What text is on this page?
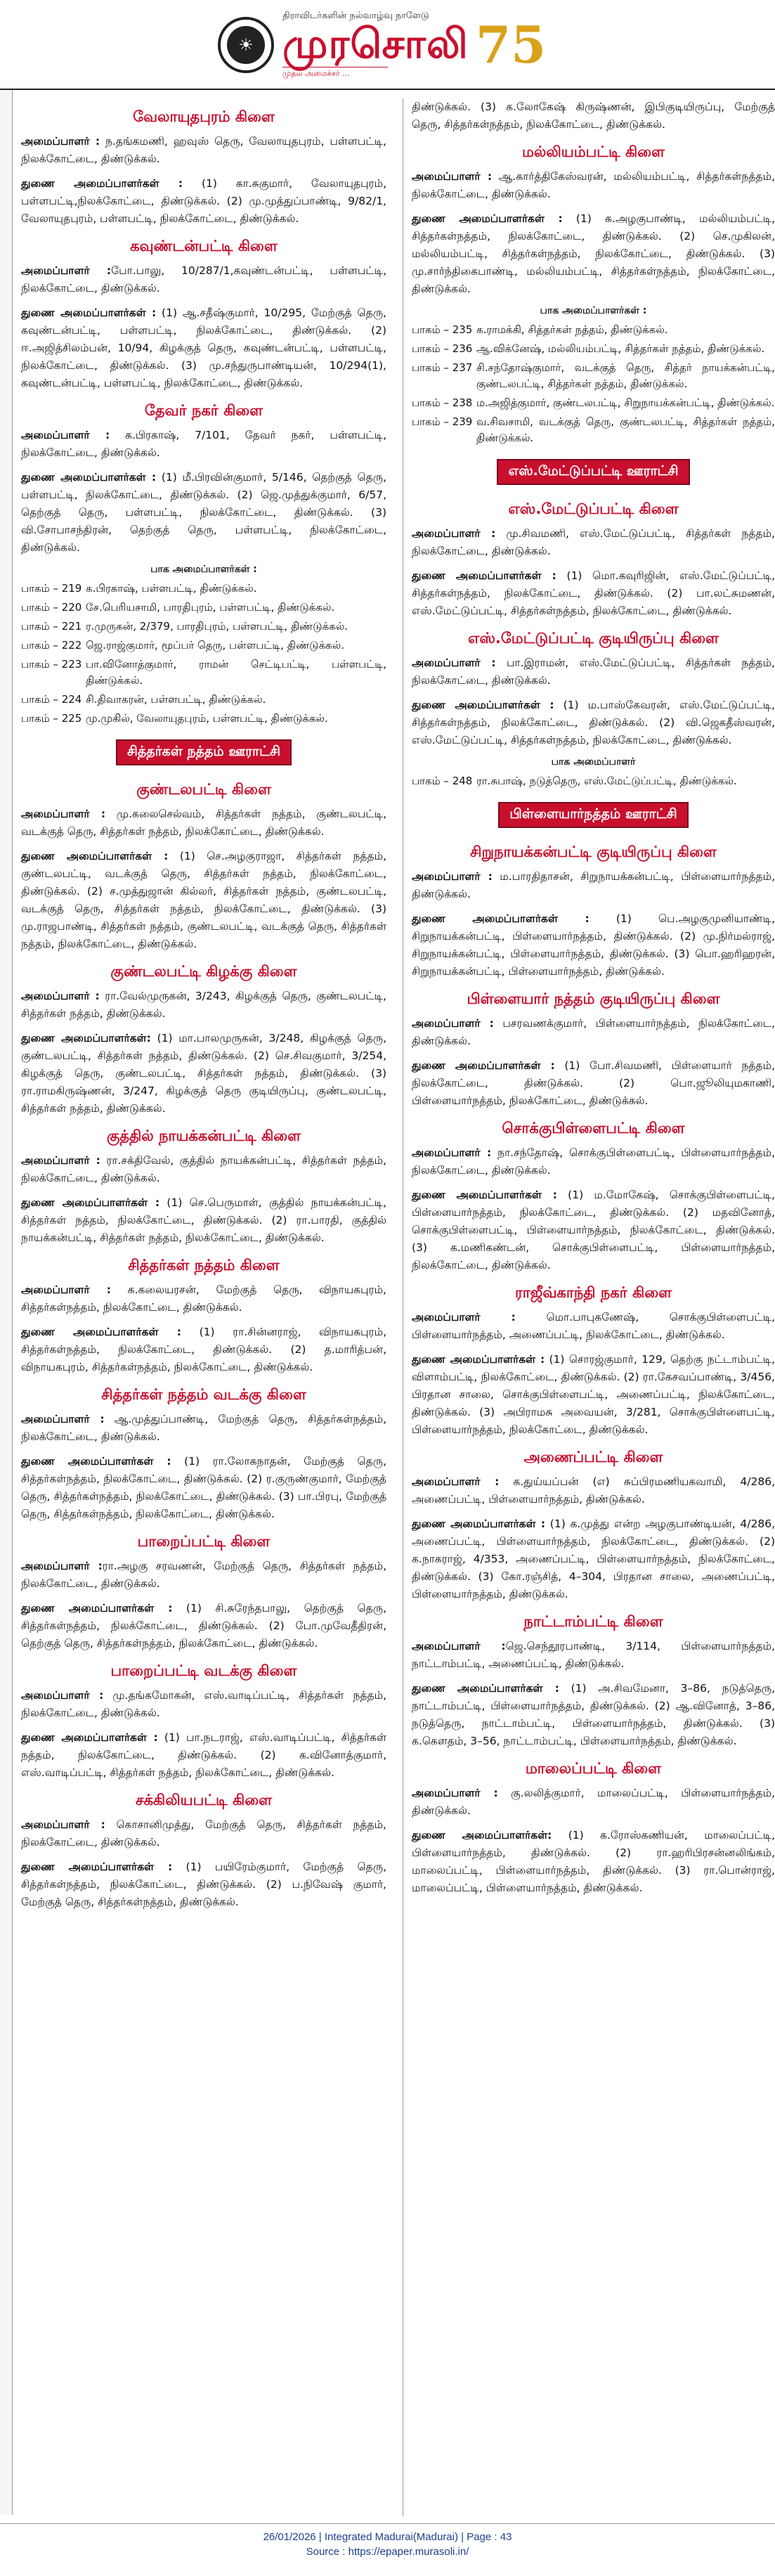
☀
திராவிடர்களின் நல்வாழ்வு நாளேடு
முரசொலி
முதல் அமைச்சர் ...	75
வேலாயுதபுரம் கிளை

அமைப்பாளர் : ந.தங்கமணி, ஹவுஸ் தெரு, வேலாயுதபுரம், பள்ளபட்டி, நிலக்கோட்டை, திண்டுக்கல்.

துணை அமைப்பாளர்கள் : (1) கா.சுகுமார், வேலாயுதபுரம், பள்ளபட்டி,நிலக்கோட்டை, திண்டுக்கல். (2) மு.முத்துப்பாண்டி, 9/82/1, வேலாயுதபுரம், பள்ளபட்டி, நிலக்கோட்டை, திண்டுக்கல்.

கவுண்டன்பட்டி கிளை

அமைப்பாளர் :போ.பாலு, 10/287/1,கவுண்டன்பட்டி, பள்ளபட்டி, நிலக்கோட்டை, திண்டுக்கல்.

துணை அமைப்பாளர்கள் : (1) ஆ.சதீஷ்குமார், 10/295, மேற்குத் தெரு, கவுண்டன்பட்டி, பள்ளபட்டி, நிலக்கோட்டை, திண்டுக்கல். (2) ஈ.அஜித்சிலம்பன், 10/94, கிழக்குத் தெரு, கவுண்டன்பட்டி, பள்ளபட்டி, நிலக்கோட்டை, திண்டுக்கல். (3) மு.சந்துருபாண்டியன், 10/294(1), கவுண்டன்பட்டி, பள்ளபட்டி, நிலக்கோட்டை, திண்டுக்கல்.

தேவர் நகர் கிளை

அமைப்பாளர் : க.பிரகாஷ், 7/101, தேவர் நகர், பள்ளபட்டி, நிலக்கோட்டை, திண்டுக்கல்.

துணை அமைப்பாளர்கள் : (1) மீ.பிரவின்குமார், 5/146, தெற்குத் தெரு, பள்ளபட்டி, நிலக்கோட்டை, திண்டுக்கல். (2) ஜெ.முத்துக்குமார், 6/57, தெற்குத் தெரு, பள்ளபட்டி, நிலக்கோட்டை, திண்டுக்கல். (3) வி.சோபாசந்திரன், தெற்குத் தெரு, பள்ளபட்டி, நிலக்கோட்டை, திண்டுக்கல்.

பாக அமைப்பாளர்கள் :
பாகம் – 219 க.பிரகாஷ், பள்ளபட்டி, திண்டுக்கல்.
பாகம் – 220 சே.பெரியசாமி, பாரதிபுரம், பள்ளபட்டி, திண்டுக்கல்.
பாகம் – 221 ர.முருகன், 2/379, பாரதிபுரம், பள்ளபட்டி, திண்டுக்கல்.
பாகம் – 222 ஜெ.ராஜ்குமார், மூப்பர் தெரு, பள்ளபட்டி, திண்டுக்கல்.
பாகம் – 223 பா.வினோத்குமார், ராமன் செட்டிபட்டி, பள்ளபட்டி, திண்டுக்கல்.
பாகம் – 224 சி.திவாகரன், பள்ளபட்டி, திண்டுக்கல்.
பாகம் – 225 மு.முகில், வேலாயுதபுரம், பள்ளபட்டி, திண்டுக்கல்.
சித்தர்கள் நத்தம் ஊராட்சி
குண்டலபட்டி கிளை

அமைப்பாளர் : மு.கலைசெல்வம், சித்தர்கள் நத்தம், குண்டலபட்டி, வடக்குத் தெரு, சித்தர்கள் நத்தம், நிலக்கோட்டை, திண்டுக்கல்.

துணை அமைப்பாளர்கள் : (1) செ.அழகுராஜா, சித்தர்கள் நத்தம், குண்டலபட்டி, வடக்குத் தெரு, சித்தர்கள் நத்தம், நிலக்கோட்டை, திண்டுக்கல். (2) ச.முத்துஜான் கில்லர், சித்தர்கள் நத்தம், குண்டலபட்டி, வடக்குத் தெரு, சித்தர்கள் நத்தம், நிலக்கோட்டை, திண்டுக்கல். (3) மு.ராஜபாண்டி, சித்தர்கள் நத்தம், குண்டலபட்டி, வடக்குத் தெரு, சித்தர்கள் நத்தம், நிலக்கோட்டை, திண்டுக்கல்.

குண்டலபட்டி கிழக்கு கிளை

அமைப்பாளர் : ரா.வேல்முருகன், 3/243, கிழக்குத் தெரு, குண்டலபட்டி, சித்தர்கள் நத்தம், திண்டுக்கல்.

துணை அமைப்பாளர்கள்: (1) மா.பாலமுருகன், 3/248, கிழக்குத் தெரு, குண்டலபட்டி, சித்தர்கள் நத்தம், திண்டுக்கல். (2) செ.சிவகுமார், 3/254, கிழக்குத் தெரு, குண்டலபட்டி, சித்தர்கள் நத்தம், திண்டுக்கல். (3) ரா.ராமகிருஷ்ணன், 3/247, கிழக்குத் தெரு குடியிருப்பு, குண்டலபட்டி, சித்தர்கள் நத்தம், திண்டுக்கல்.

குத்தில் நாயக்கன்பட்டி கிளை

அமைப்பாளர் : ரா.சக்திவேல், குத்தில் நாயக்கன்பட்டி, சித்தர்கள் நத்தம், நிலக்கோட்டை, திண்டுக்கல்.

துணை அமைப்பாளர்கள் : (1) செ.பெருமாள், குத்தில் நாயக்கன்பட்டி, சித்தர்கள் நத்தம், நிலக்கோட்டை, திண்டுக்கல். (2) ரா.பாரதி, குத்தில் நாயக்கன்பட்டி, சித்தர்கள் நத்தம், நிலக்கோட்டை, திண்டுக்கல்.

சித்தர்கள் நத்தம் கிளை

அமைப்பாளர் : க.கலையரசன், மேற்குத் தெரு, விநாயகபுரம், சித்தர்கள்நத்தம், நிலக்கோட்டை, திண்டுக்கல்.

துணை அமைப்பாளர்கள் : (1) ரா.சின்னராஜ், விநாயகபுரம், சித்தர்கள்நத்தம், நிலக்கோட்டை, திண்டுக்கல். (2) த.மாரித்பன், விநாயகபுரம், சித்தர்கள்நத்தம், நிலக்கோட்டை, திண்டுக்கல்.

சித்தர்கள் நத்தம் வடக்கு கிளை

அமைப்பாளர் : ஆ.முத்துப்பாண்டி, மேற்குத் தெரு, சித்தர்கள்நத்தம், நிலக்கோட்டை, திண்டுக்கல்.

துணை அமைப்பாளர்கள் : (1) ரா.லோகநாதன், மேற்குத் தெரு, சித்தர்கள்நத்தம், நிலக்கோட்டை, திண்டுக்கல். (2) ர.குருண்குமார், மேற்குத் தெரு, சித்தர்கள்நத்தம், நிலக்கோட்டை, திண்டுக்கல். (3) பா.பிரபு, மேற்குத் தெரு, சித்தர்கள்நத்தம், நிலக்கோட்டை, திண்டுக்கல்.

பாறைப்பட்டி கிளை

அமைப்பாளர் :ரா.அழகு சரவணன், மேற்குத் தெரு, சித்தர்கள் நத்தம், நிலக்கோட்டை, திண்டுக்கல்.

துணை அமைப்பாளர்கள் : (1) சி.சுரேந்தபாலு, தெற்குத் தெரு, சித்தர்கள்நத்தம், நிலக்கோட்டை, திண்டுக்கல். (2) போ.முவேதீதிரன், தெற்குத் தெரு, சித்தர்கள்நத்தம், நிலக்கோட்டை, திண்டுக்கல்.

பாறைப்பட்டி வடக்கு கிளை

அமைப்பாளர் : மு.தங்கமோகன், எஸ்.வாடிப்பட்டி, சித்தர்கள் நத்தம், நிலக்கோட்டை, திண்டுக்கல்.

துணை அமைப்பாளர்கள் : (1) பா.நடராஜ், எஸ்.வாடிப்பட்டி, சித்தர்கள் நத்தம், நிலக்கோட்டை, திண்டுக்கல். (2) க.வினோத்குமார், எஸ்.வாடிப்பட்டி, சித்தர்கள் நத்தம், நிலக்கோட்டை, திண்டுக்கல்.

சக்கிலியபட்டி கிளை

அமைப்பாளர் : கொசானிமுத்து, மேற்குத் தெரு, சித்தர்கள் நத்தம், நிலக்கோட்டை, திண்டுக்கல்.

துணை அமைப்பாளர்கள் : (1) பயிரேம்குமார், மேற்குத் தெரு, சித்தர்கள்நத்தம், நிலக்கோட்டை, திண்டுக்கல். (2) ப.நிவேஷ் குமார், மேற்குத் தெரு, சித்தர்கள்நத்தம், திண்டுக்கல்.

திண்டுக்கல். (3) க.லோகேஷ் கிருஷ்ணன், இபிகுடியிருப்பு, மேற்குத் தெரு, சித்தர்கள்நத்தம், நிலக்கோட்டை, திண்டுக்கல்.

மல்லியம்பட்டி கிளை

அமைப்பாளர் : ஆ.கார்த்திகேஸ்வரன், மல்லியம்பட்டி, சித்தர்கள்நத்தம், நிலக்கோட்டை, திண்டுக்கல்.

துணை அமைப்பாளர்கள் : (1) க.அழகுபாண்டி, மல்லியம்பட்டி, சித்தர்கள்நத்தம், நிலக்கோட்டை, திண்டுக்கல். (2) செ.முகிலன், மல்லியம்பட்டி, சித்தர்கள்நத்தம், நிலக்கோட்டை, திண்டுக்கல். (3) மு.சார்ந்திகைபாண்டி, மல்லியம்பட்டி, சித்தர்கள்நத்தம், நிலக்கோட்டை, திண்டுக்கல்.

பாக அமைப்பாளர்கள் :
பாகம் – 235 க.ராமக்கி, சித்தர்கள் நத்தம், திண்டுக்கல்.
பாகம் – 236 ஆ.விக்னேஷ், மல்லியம்பட்டி, சித்தர்கள் நத்தம், திண்டுக்கல்.
பாகம் – 237 சி.சந்தோஷ்குமார், வடக்குத் தெரு, சித்தர் நாயக்கன்பட்டி, குண்டலபட்டி, சித்தர்கள் நத்தம், திண்டுக்கல்.
பாகம் – 238 ம.அஜித்குமார், குண்டலபட்டி, சிறுநாயக்கன்பட்டி, திண்டுக்கல்.
பாகம் – 239 வ.சிவசாமி, வடக்குத் தெரு, குண்டலபட்டி, சித்தர்கள் நத்தம், திண்டுக்கல்.
எஸ்.மேட்டுப்பட்டி ஊராட்சி
எஸ்.மேட்டுப்பட்டி கிளை

அமைப்பாளர் : மு.சிவமணி, எஸ்.மேட்டுப்பட்டி, சித்தர்கள் நத்தம், நிலக்கோட்டை, திண்டுக்கல்.

துணை அமைப்பாளர்கள் : (1) மொ.கவுரிஜின், எஸ்.மேட்டுப்பட்டி, சித்தர்கள்நத்தம், நிலக்கோட்டை, திண்டுக்கல். (2) பா.லட்சுமணன், எஸ்.மேட்டுப்பட்டி, சித்தர்கள்நத்தம், நிலக்கோட்டை, திண்டுக்கல்.

எஸ்.மேட்டுப்பட்டி குடியிருப்பு கிளை

அமைப்பாளர் : பா.இராமன், எஸ்.மேட்டுப்பட்டி, சித்தர்கள் நத்தம், நிலக்கோட்டை, திண்டுக்கல்.

துணை அமைப்பாளர்கள் : (1) ம.பாஸ்கேவரன், எஸ்.மேட்டுப்பட்டி, சித்தர்கள்நத்தம், நிலக்கோட்டை, திண்டுக்கல். (2) வி.ஜெகதீஸ்வரன், எஸ்.மேட்டுப்பட்டி, சித்தர்கள்நத்தம், நிலக்கோட்டை, திண்டுக்கல்.

பாக அமைப்பாளர்
பாகம் – 248 ரா.சுபாஷ், நடுத்தெரு, எஸ்.மேட்டுப்பட்டி, திண்டுக்கல்.
பிள்ளையார்நத்தம் ஊராட்சி
சிறுநாயக்கன்பட்டி குடியிருப்பு கிளை

அமைப்பாளர் : ம.பாரதிதாசன், சிறுநாயக்கன்பட்டி, பிள்ளையார்நத்தம், திண்டுக்கல்.

துணை அமைப்பாளர்கள் : (1) பெ.அழகுமுனியாண்டி, சிறுநாயக்கன்பட்டி, பிள்ளையார்நத்தம், திண்டுக்கல். (2) மு.நிர்மல்ராஜ், சிறுநாயக்கன்பட்டி, பிள்ளையார்நத்தம், திண்டுக்கல். (3) பொ.ஹரிஹரன், சிறுநாயக்கன்பட்டி, பிள்ளையார்நத்தம், திண்டுக்கல்.

பிள்ளையார் நத்தம் குடியிருப்பு கிளை

அமைப்பாளர் : பசரவணக்குமார், பிள்ளையார்நத்தம், நிலக்கோட்டை, திண்டுக்கல்.

துணை அமைப்பாளர்கள் : (1) போ.சிவமணி, பிள்ளையார் நத்தம், நிலக்கோட்டை, திண்டுக்கல். (2) பொ.ஜூலியுமகாணி, பிள்ளையார்நத்தம், நிலக்கோட்டை, திண்டுக்கல்.

சொக்குபிள்ளைபட்டி கிளை

அமைப்பாளர் : நா.சந்தோஷ், சொக்குபிள்ளைபட்டி, பிள்ளையார்நத்தம், நிலக்கோட்டை, திண்டுக்கல்.

துணை அமைப்பாளர்கள் : (1) ம.மோகேஷ், சொக்குபிள்ளைபட்டி, பிள்ளையார்நத்தம், நிலக்கோட்டை, திண்டுக்கல். (2) மதவினோத், சொக்குபிள்ளைபட்டி, பிள்ளையார்நத்தம், நிலக்கோட்டை, திண்டுக்கல். (3) க.மணிகண்டன், சொக்குபிள்ளைபட்டி, பிள்ளையார்நத்தம், நிலக்கோட்டை, திண்டுக்கல்.

ராஜீவ்காந்தி நகர் கிளை

அமைப்பாளர் : மொ.பாபுகணேஷ், சொக்குபிள்ளைபட்டி, பிள்ளையார்நத்தம், அணைப்பட்டி, நிலக்கோட்டை, திண்டுக்கல்.

துணை அமைப்பாளர்கள் : (1) சொரஜ்குமார், 129, தெற்கு நட்டாம்பட்டி, விளாம்பட்டி, நிலக்கோட்டை, திண்டுக்கல். (2) ரா.கேசவப்பாண்டி, 3/456, பிரதான சாலை, சொக்குபிள்ளைபட்டி, அணைப்பட்டி, நிலக்கோட்டை, திண்டுக்கல். (3) அபிராமசு அவையன், 3/281, சொக்குபிள்ளைபட்டி, பிள்ளையார்நத்தம், நிலக்கோட்டை, திண்டுக்கல்.

அணைப்பட்டி கிளை

அமைப்பாளர் : க.துய்யப்பன் (எ) சுப்பிரமணியகவாமி, 4/286, அணைப்பட்டி, பிள்ளையார்நத்தம், திண்டுக்கல்.

துணை அமைப்பாளர்கள் : (1) க.முத்து என்ற அழகுபாண்டியன், 4/286, அணைப்பட்டி, பிள்ளையார்நத்தம், நிலக்கோட்டை, திண்டுக்கல். (2) க.நாகராஜ், 4/353, அணைப்பட்டி, பிள்ளையார்நத்தம், நிலக்கோட்டை, திண்டுக்கல். (3) கோ.ரஞ்சித், 4–304, பிரதான சாலை, அணைப்பட்டி, பிள்ளையார்நத்தம், திண்டுக்கல்.

நாட்டாம்பட்டி கிளை

அமைப்பாளர் :ஜெ.செந்தூரபாண்டி, 3/114, பிள்ளையார்நத்தம், நாட்டாம்பட்டி, அணைப்பட்டி, திண்டுக்கல்.

துணை அமைப்பாளர்கள் : (1) அ.சிவமேனா, 3–86, நடுத்தெரு, நாட்டாம்பட்டி, பிள்ளையார்நத்தம், திண்டுக்கல். (2) ஆ.வினோத், 3–86, நடுத்தெரு, நாட்டாம்பட்டி, பிள்ளையார்நத்தம், திண்டுக்கல். (3) க.கௌதம், 3–56, நாட்டாம்பட்டி, பிள்ளையார்நத்தம், திண்டுக்கல்.

மாலைப்பட்டி கிளை

அமைப்பாளர் : கு.லலித்குமார், மாலைப்பட்டி, பிள்ளையார்நத்தம், திண்டுக்கல்.

துணை அமைப்பாளர்கள்: (1) க.ரோஸ்கணியன், மாலைப்பட்டி, பிள்ளையார்நத்தம், திண்டுக்கல். (2) ரா.ஹரிபிரசன்னலிங்கம், மாலைப்பட்டி, பிள்ளையார்நத்தம், திண்டுக்கல். (3) ரா.பொன்ராஜ், மாலைப்பட்டி, பிள்ளையார்நத்தம், திண்டுக்கல்.

26/01/2026 | Integrated Madurai(Madurai) | Page : 43
Source : https://epaper.murasoli.in/
